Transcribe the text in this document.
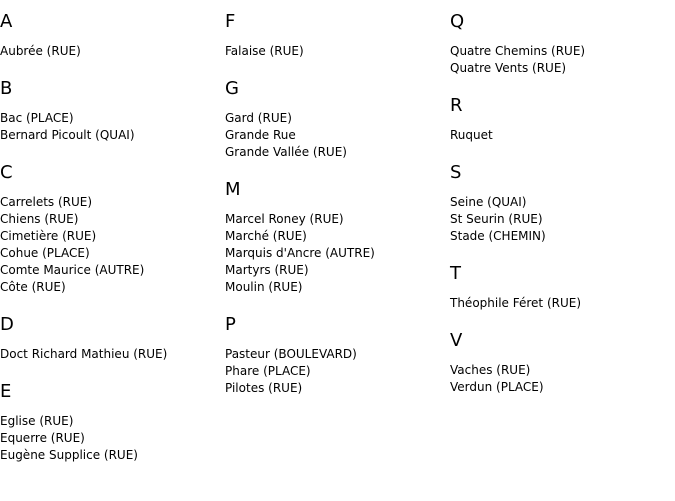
A
Aubrée (RUE)
B
Bac (PLACE)
Bernard Picoult (QUAI)
C
Carrelets (RUE)
Chiens (RUE)
Cimetière (RUE)
Cohue (PLACE)
Comte Maurice (AUTRE)
Côte (RUE)
D
Doct Richard Mathieu (RUE)
E
Eglise (RUE)
Equerre (RUE)
Eugène Supplice (RUE)
F
Falaise (RUE)
G
Gard (RUE)
Grande Rue
Grande Vallée (RUE)
M
Marcel Roney (RUE)
Marché (RUE)
Marquis d'Ancre (AUTRE)
Martyrs (RUE)
Moulin (RUE)
P
Pasteur (BOULEVARD)
Phare (PLACE)
Pilotes (RUE)
Q
Quatre Chemins (RUE)
Quatre Vents (RUE)
R
Ruquet
S
Seine (QUAI)
St Seurin (RUE)
Stade (CHEMIN)
T
Théophile Féret (RUE)
V
Vaches (RUE)
Verdun (PLACE)
